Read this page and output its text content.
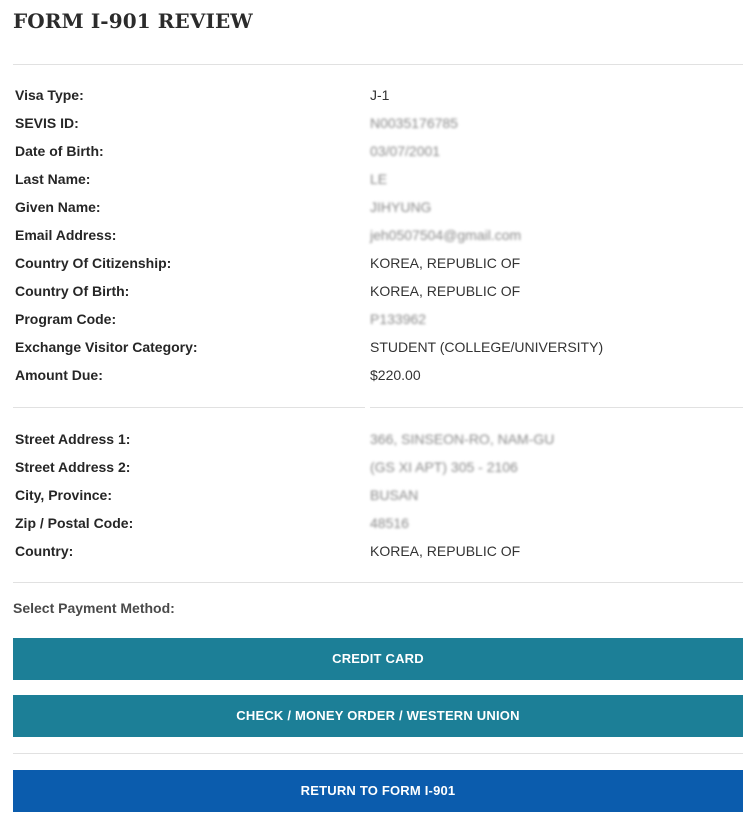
FORM I-901 REVIEW
Visa Type:	J-1
SEVIS ID:	N0035176785
Date of Birth:	03/07/2001
Last Name:	LE
Given Name:	JIHYUNG
Email Address:	jeh0507504@gmail.com
Country Of Citizenship:	KOREA, REPUBLIC OF
Country Of Birth:	KOREA, REPUBLIC OF
Program Code:	P133962
Exchange Visitor Category:	STUDENT (COLLEGE/UNIVERSITY)
Amount Due:	$220.00
Street Address 1:	366, SINSEON-RO, NAM-GU
Street Address 2:	(GS XI APT) 305 - 2106
City, Province:	BUSAN
Zip / Postal Code:	48516
Country:	KOREA, REPUBLIC OF
Select Payment Method:
CREDIT CARD
CHECK / MONEY ORDER / WESTERN UNION
RETURN TO FORM I-901
